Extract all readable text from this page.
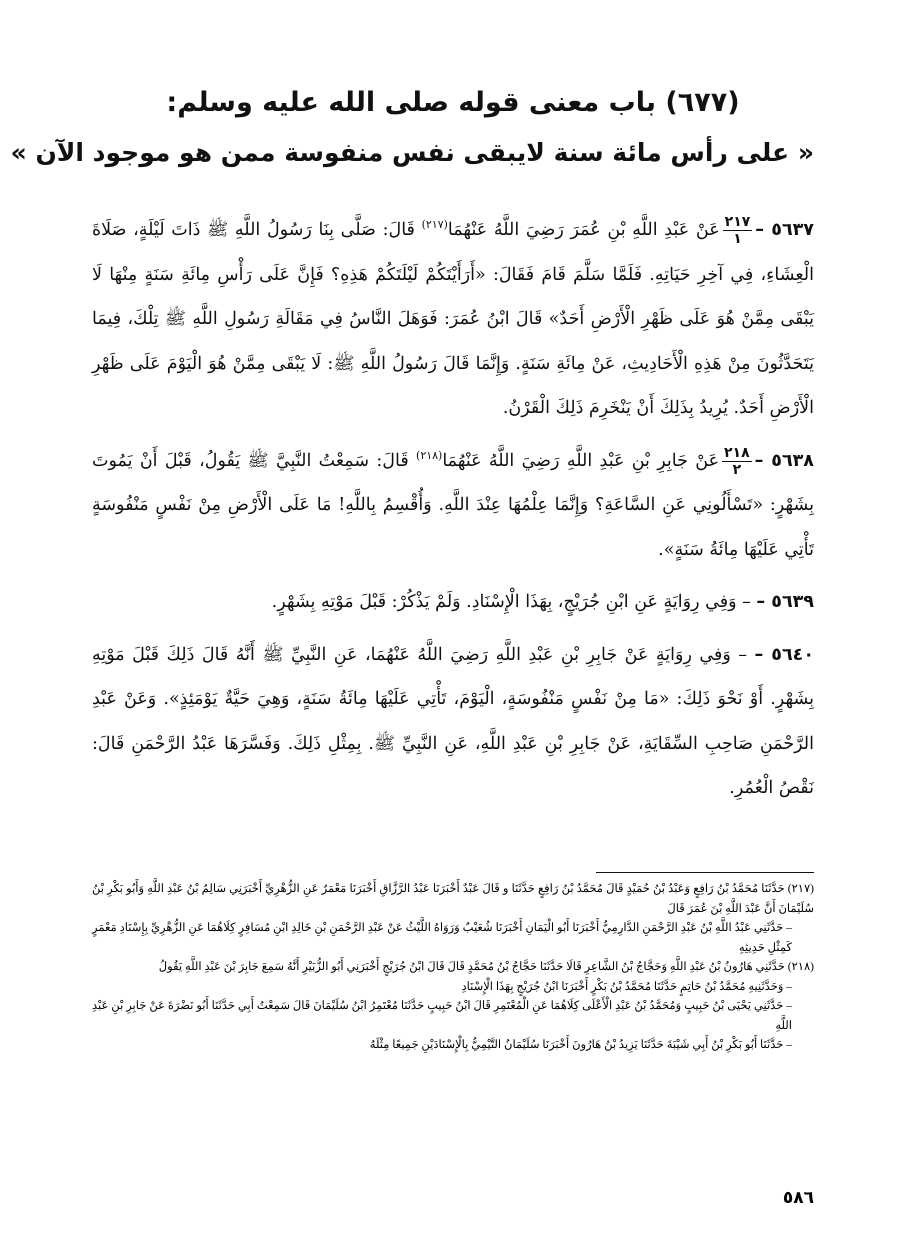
(٦٧٧) باب معنى قوله صلى الله عليه وسلم:
« على رأس مائة سنة لايبقى نفس منفوسة ممن هو موجود الآن »

٥٦٣٧ –
$\frac{٢١٧}{١}$
عَنْ عَبْدِ اللَّهِ بْنِ عُمَرَ رَضِيَ اللَّهُ عَنْهُمَا$^{(٢١٧)}$ قَالَ: صَلَّى بِنَا رَسُولُ اللَّهِ ﷺ ذَاتَ لَيْلَةٍ، صَلَاةَ الْعِشَاءِ، فِي آخِرِ حَيَاتِهِ. فَلَمَّا سَلَّمَ قَامَ فَقَالَ: «أَرَأَيْتَكُمْ لَيْلَتَكُمْ هَذِهِ؟ فَإِنَّ عَلَى رَأْسِ مِائَةِ سَنَةٍ مِنْهَا لَا يَبْقَى مِمَّنْ هُوَ عَلَى ظَهْرِ الْأَرْضِ أَحَدٌ» قَالَ ابْنُ عُمَرَ: فَوَهَلَ النَّاسُ فِي مَقَالَةِ رَسُولِ اللَّهِ ﷺ تِلْكَ، فِيمَا يَتَحَدَّثُونَ مِنْ هَذِهِ الْأَحَادِيثِ، عَنْ مِائَةِ سَنَةٍ. وَإِنَّمَا قَالَ رَسُولُ اللَّهِ ﷺ: لَا يَبْقَى مِمَّنْ هُوَ الْيَوْمَ عَلَى ظَهْرِ الْأَرْضِ أَحَدٌ. يُرِيدُ بِذَلِكَ أَنْ يَنْخَرِمَ ذَلِكَ الْقَرْنُ.

٥٦٣٨ –
$\frac{٢١٨}{٢}$
عَنْ جَابِرِ بْنِ عَبْدِ اللَّهِ رَضِيَ اللَّهُ عَنْهُمَا$^{(٢١٨)}$ قَالَ: سَمِعْتُ النَّبِيَّ ﷺ يَقُولُ، قَبْلَ أَنْ يَمُوتَ بِشَهْرٍ: «تَسْأَلُونِي عَنِ السَّاعَةِ؟ وَإِنَّمَا عِلْمُهَا عِنْدَ اللَّهِ. وَأُقْسِمُ بِاللَّهِ! مَا عَلَى الْأَرْضِ مِنْ نَفْسٍ مَنْفُوسَةٍ تَأْتِي عَلَيْهَا مِائَةُ سَنَةٍ».

٥٦٣٩ – – وَفِي رِوَايَةٍ عَنِ ابْنِ جُرَيْجٍ، بِهَذَا الْإِسْنَادِ. وَلَمْ يَذْكُرْ: قَبْلَ مَوْتِهِ بِشَهْرٍ.

٥٦٤٠ – – وَفِي رِوَايَةٍ عَنْ جَابِرِ بْنِ عَبْدِ اللَّهِ رَضِيَ اللَّهُ عَنْهُمَا، عَنِ النَّبِيِّ ﷺ أَنَّهُ قَالَ ذَلِكَ قَبْلَ مَوْتِهِ بِشَهْرٍ. أَوْ نَحْوَ ذَلِكَ: «مَا مِنْ نَفْسٍ مَنْفُوسَةٍ، الْيَوْمَ، تَأْتِي عَلَيْهَا مِائَةُ سَنَةٍ، وَهِيَ حَيَّةٌ يَوْمَئِذٍ». وَعَنْ عَبْدِ الرَّحْمَنِ صَاحِبِ السِّقَايَةِ، عَنْ جَابِرِ بْنِ عَبْدِ اللَّهِ، عَنِ النَّبِيِّ ﷺ. بِمِثْلِ ذَلِكَ. وَفَسَّرَهَا عَبْدُ الرَّحْمَنِ قَالَ: نَقْصُ الْعُمُرِ.

(٢١٧) حَدَّثَنَا مُحَمَّدُ بْنُ رَافِعٍ وَعَبْدُ بْنُ حُمَيْدٍ قَالَ مُحَمَّدُ بْنُ رَافِعٍ حَدَّثَنَا و قَالَ عَبْدٌ أَخْبَرَنَا عَبْدُ الرَّزَّاقِ أَخْبَرَنَا مَعْمَرٌ عَنِ الزُّهْرِيِّ أَخْبَرَنِي سَالِمُ بْنُ عَبْدِ اللَّهِ وَأَبُو بَكْرِ بْنُ سُلَيْمَانَ أَنَّ عَبْدَ اللَّهِ بْنَ عُمَرَ قَالَ

– حَدَّثَنِي عَبْدُ اللَّهِ بْنُ عَبْدِ الرَّحْمَنِ الدَّارِمِيُّ أَخْبَرَنَا أَبُو الْيَمَانِ أَخْبَرَنَا شُعَيْبٌ وَرَوَاهُ اللَّيْثُ عَنْ عَبْدِ الرَّحْمَنِ بْنِ خَالِدِ ابْنِ مُسَافِرٍ كِلَاهُمَا عَنِ الزُّهْرِيِّ بِإِسْنَادِ مَعْمَرٍ كَمِثْلِ حَدِيثِهِ

(٢١٨) حَدَّثَنِي هَارُونُ بْنُ عَبْدِ اللَّهِ وَحَجَّاجُ بْنُ الشَّاعِرِ قَالَا حَدَّثَنَا حَجَّاجُ بْنُ مُحَمَّدٍ قَالَ قَالَ ابْنُ جُرَيْجٍ أَخْبَرَنِي أَبُو الزُّبَيْرِ أَنَّهُ سَمِعَ جَابِرَ بْنَ عَبْدِ اللَّهِ يَقُولُ

– وَحَدَّثَنِيهِ مُحَمَّدُ بْنُ حَاتِمٍ حَدَّثَنَا مُحَمَّدُ بْنُ بَكْرٍ أَخْبَرَنَا ابْنُ جُرَيْجٍ بِهَذَا الْإِسْنَادِ

– حَدَّثَنِي يَحْيَى بْنُ حَبِيبٍ وَمُحَمَّدُ بْنُ عَبْدِ الْأَعْلَى كِلَاهُمَا عَنِ الْمُعْتَمِرِ قَالَ ابْنُ حَبِيبٍ حَدَّثَنَا مُعْتَمِرُ ابْنُ سُلَيْمَانَ قَالَ سَمِعْتُ أَبِي حَدَّثَنَا أَبُو نَضْرَةَ عَنْ جَابِرِ بْنِ عَبْدِ اللَّهِ

– حَدَّثَنَا أَبُو بَكْرِ بْنُ أَبِي شَيْبَةَ حَدَّثَنَا يَزِيدُ بْنُ هَارُونَ أَخْبَرَنَا سُلَيْمَانُ التَّيْمِيُّ بِالْإِسْنَادَيْنِ جَمِيعًا مِثْلَهُ

٥٨٦
